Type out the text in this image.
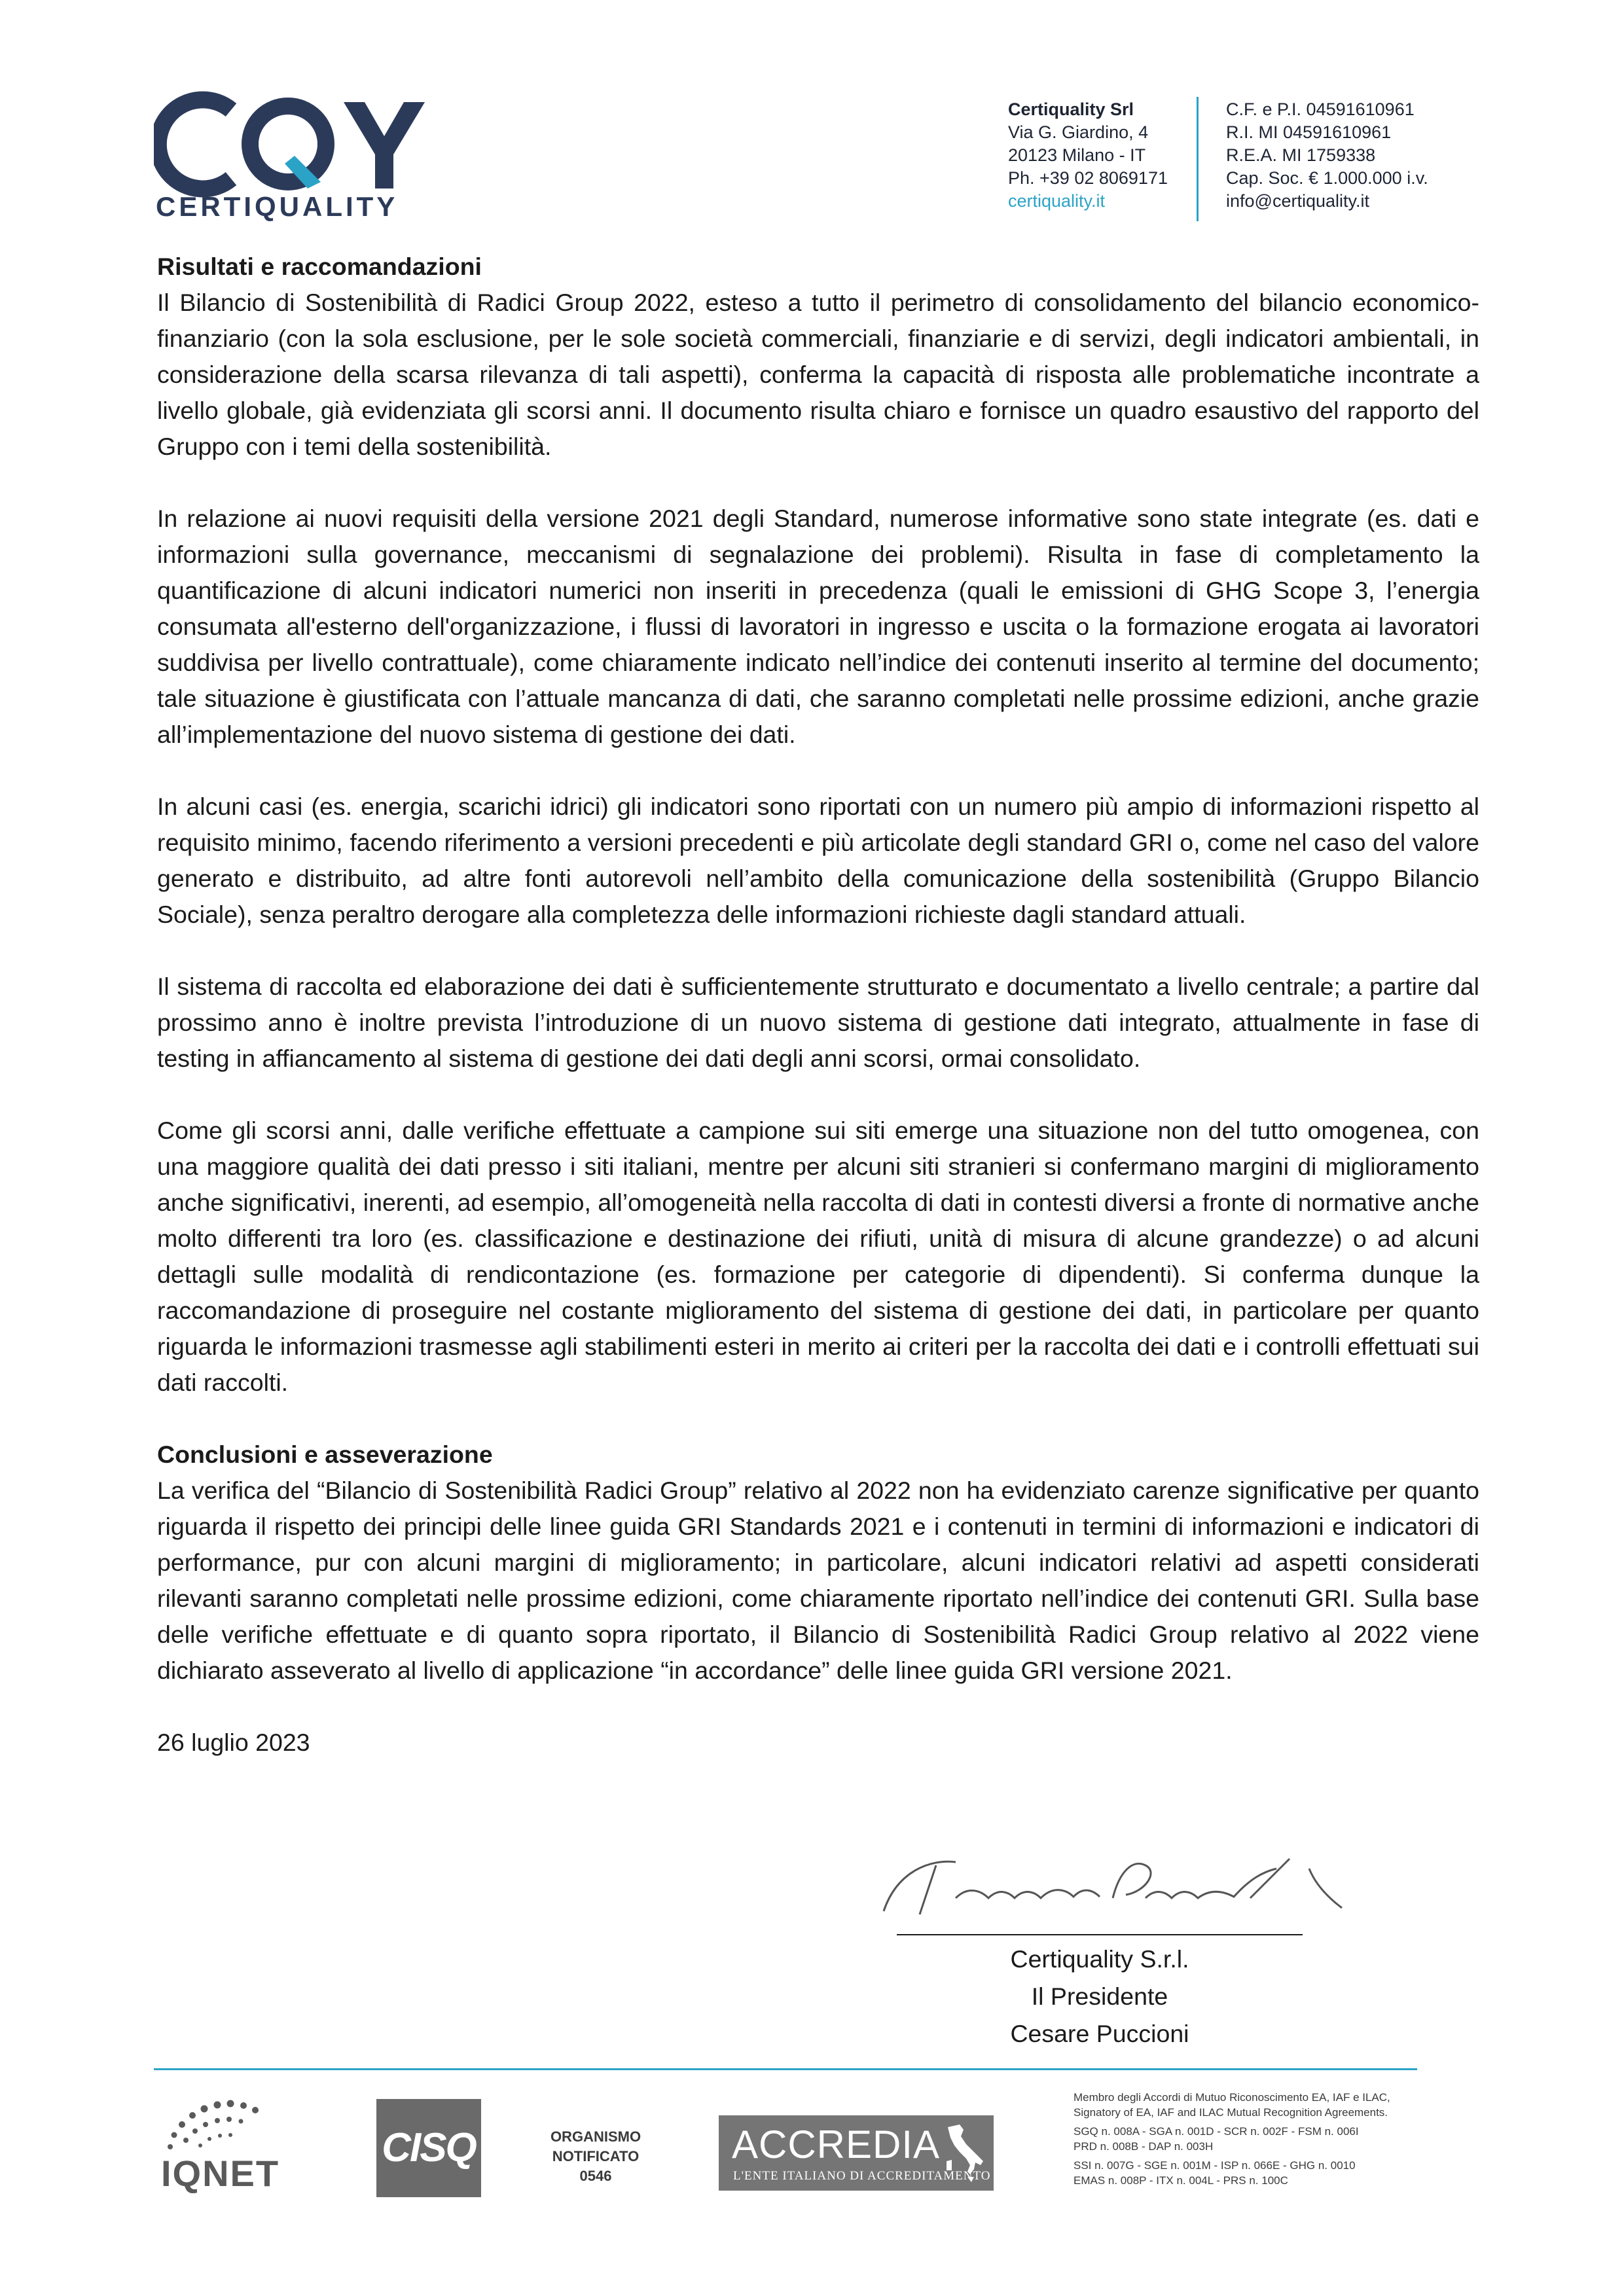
CERTIQUALITY
Certiquality Srl
Via G. Giardino, 4
20123 Milano - IT
Ph. +39 02 8069171
certiquality.it
C.F. e P.I. 04591610961
R.I. MI 04591610961
R.E.A. MI 1759338
Cap. Soc. € 1.000.000 i.v.
info@certiquality.it

Risultati e raccomandazioni

Il Bilancio di Sostenibilità di Radici Group 2022, esteso a tutto il perimetro di consolidamento del bilancio economico-finanziario (con la sola esclusione, per le sole società commerciali, finanziarie e di servizi, degli indicatori ambientali, in considerazione della scarsa rilevanza di tali aspetti), conferma la capacità di risposta alle problematiche incontrate a livello globale, già evidenziata gli scorsi anni. Il documento risulta chiaro e fornisce un quadro esaustivo del rapporto del Gruppo con i temi della sostenibilità.

In relazione ai nuovi requisiti della versione 2021 degli Standard, numerose informative sono state integrate (es. dati e informazioni sulla governance, meccanismi di segnalazione dei problemi). Risulta in fase di completamento la quantificazione di alcuni indicatori numerici non inseriti in precedenza (quali le emissioni di GHG Scope 3, l’energia consumata all'esterno dell'organizzazione, i flussi di lavoratori in ingresso e uscita o la formazione erogata ai lavoratori suddivisa per livello contrattuale), come chiaramente indicato nell’indice dei contenuti inserito al termine del documento; tale situazione è giustificata con l’attuale mancanza di dati, che saranno completati nelle prossime edizioni, anche grazie all’implementazione del nuovo sistema di gestione dei dati.

In alcuni casi (es. energia, scarichi idrici) gli indicatori sono riportati con un numero più ampio di informazioni rispetto al requisito minimo, facendo riferimento a versioni precedenti e più articolate degli standard GRI o, come nel caso del valore generato e distribuito, ad altre fonti autorevoli nell’ambito della comunicazione della sostenibilità (Gruppo Bilancio Sociale), senza peraltro derogare alla completezza delle informazioni richieste dagli standard attuali.

Il sistema di raccolta ed elaborazione dei dati è sufficientemente strutturato e documentato a livello centrale; a partire dal prossimo anno è inoltre prevista l’introduzione di un nuovo sistema di gestione dati integrato, attualmente in fase di testing in affiancamento al sistema di gestione dei dati degli anni scorsi, ormai consolidato.

Come gli scorsi anni, dalle verifiche effettuate a campione sui siti emerge una situazione non del tutto omogenea, con una maggiore qualità dei dati presso i siti italiani, mentre per alcuni siti stranieri si confermano margini di miglioramento anche significativi, inerenti, ad esempio, all’omogeneità nella raccolta di dati in contesti diversi a fronte di normative anche molto differenti tra loro (es. classificazione e destinazione dei rifiuti, unità di misura di alcune grandezze) o ad alcuni dettagli sulle modalità di rendicontazione (es. formazione per categorie di dipendenti). Si conferma dunque la raccomandazione di proseguire nel costante miglioramento del sistema di gestione dei dati, in particolare per quanto riguarda le informazioni trasmesse agli stabilimenti esteri in merito ai criteri per la raccolta dei dati e i controlli effettuati sui dati raccolti.

Conclusioni e asseverazione

La verifica del “Bilancio di Sostenibilità Radici Group” relativo al 2022 non ha evidenziato carenze significative per quanto riguarda il rispetto dei principi delle linee guida GRI Standards 2021 e i contenuti in termini di informazioni e indicatori di performance, pur con alcuni margini di miglioramento; in particolare, alcuni indicatori relativi ad aspetti considerati rilevanti saranno completati nelle prossime edizioni, come chiaramente riportato nell’indice dei contenuti GRI. Sulla base delle verifiche effettuate e di quanto sopra riportato, il Bilancio di Sostenibilità Radici Group relativo al 2022 viene dichiarato asseverato al livello di applicazione “in accordance” delle linee guida GRI versione 2021.

26 luglio 2023

Certiquality S.r.l.
Il Presidente
Cesare Puccioni
IQNET
CISQ	ORGANISMO
NOTIFICATO
0546
ACCREDIA
L'ENTE ITALIANO DI ACCREDITAMENTO

Membro degli Accordi di Mutuo Riconoscimento EA, IAF e ILAC,

Signatory of EA, IAF and ILAC Mutual Recognition Agreements.

SGQ n. 008A - SGA n. 001D - SCR n. 002F - FSM n. 006I

PRD n. 008B - DAP n. 003H

SSI n. 007G - SGE n. 001M - ISP n. 066E - GHG n. 0010

EMAS n. 008P - ITX n. 004L - PRS n. 100C
